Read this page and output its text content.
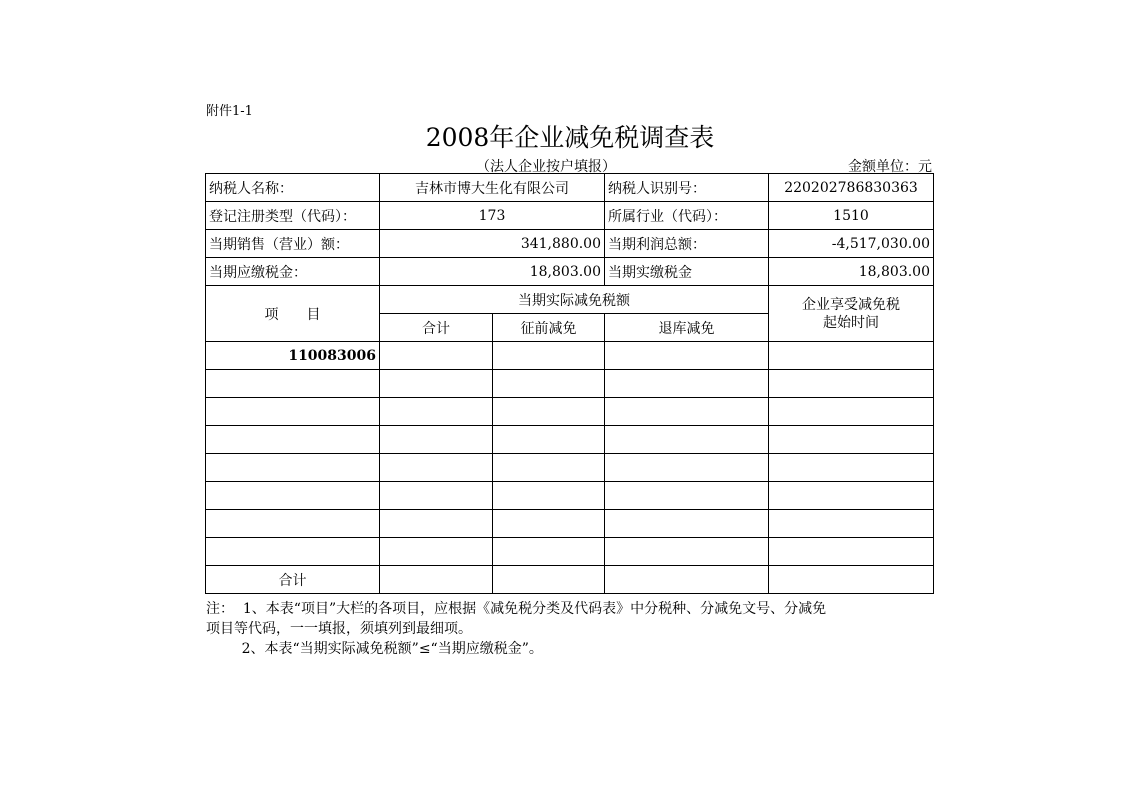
附件1-1
2008年企业减免税调查表
（法人企业按户填报）	金额单位：元
纳税人名称：	吉林市博大生化有限公司		纳税人识别号：	220202786830363
登记注册类型（代码）：	173		所属行业（代码）：	1510
当期销售（营业）额：	341,880.00		当期利润总额：	-4,517,030.00
当期应缴税金：	18,803.00		当期实缴税金	18,803.00
项　　目	当期实际减免税额			企业享受减免税
起始时间
	合计	征前减免	退库减免	
110083006				

合计				
注：  1、本表“项目”大栏的各项目，应根据《减免税分类及代码表》中分税种、分减免文号、分减免
项目等代码，一一填报，须填列到最细项。
2、本表“当期实际减免税额”≤“当期应缴税金”。
